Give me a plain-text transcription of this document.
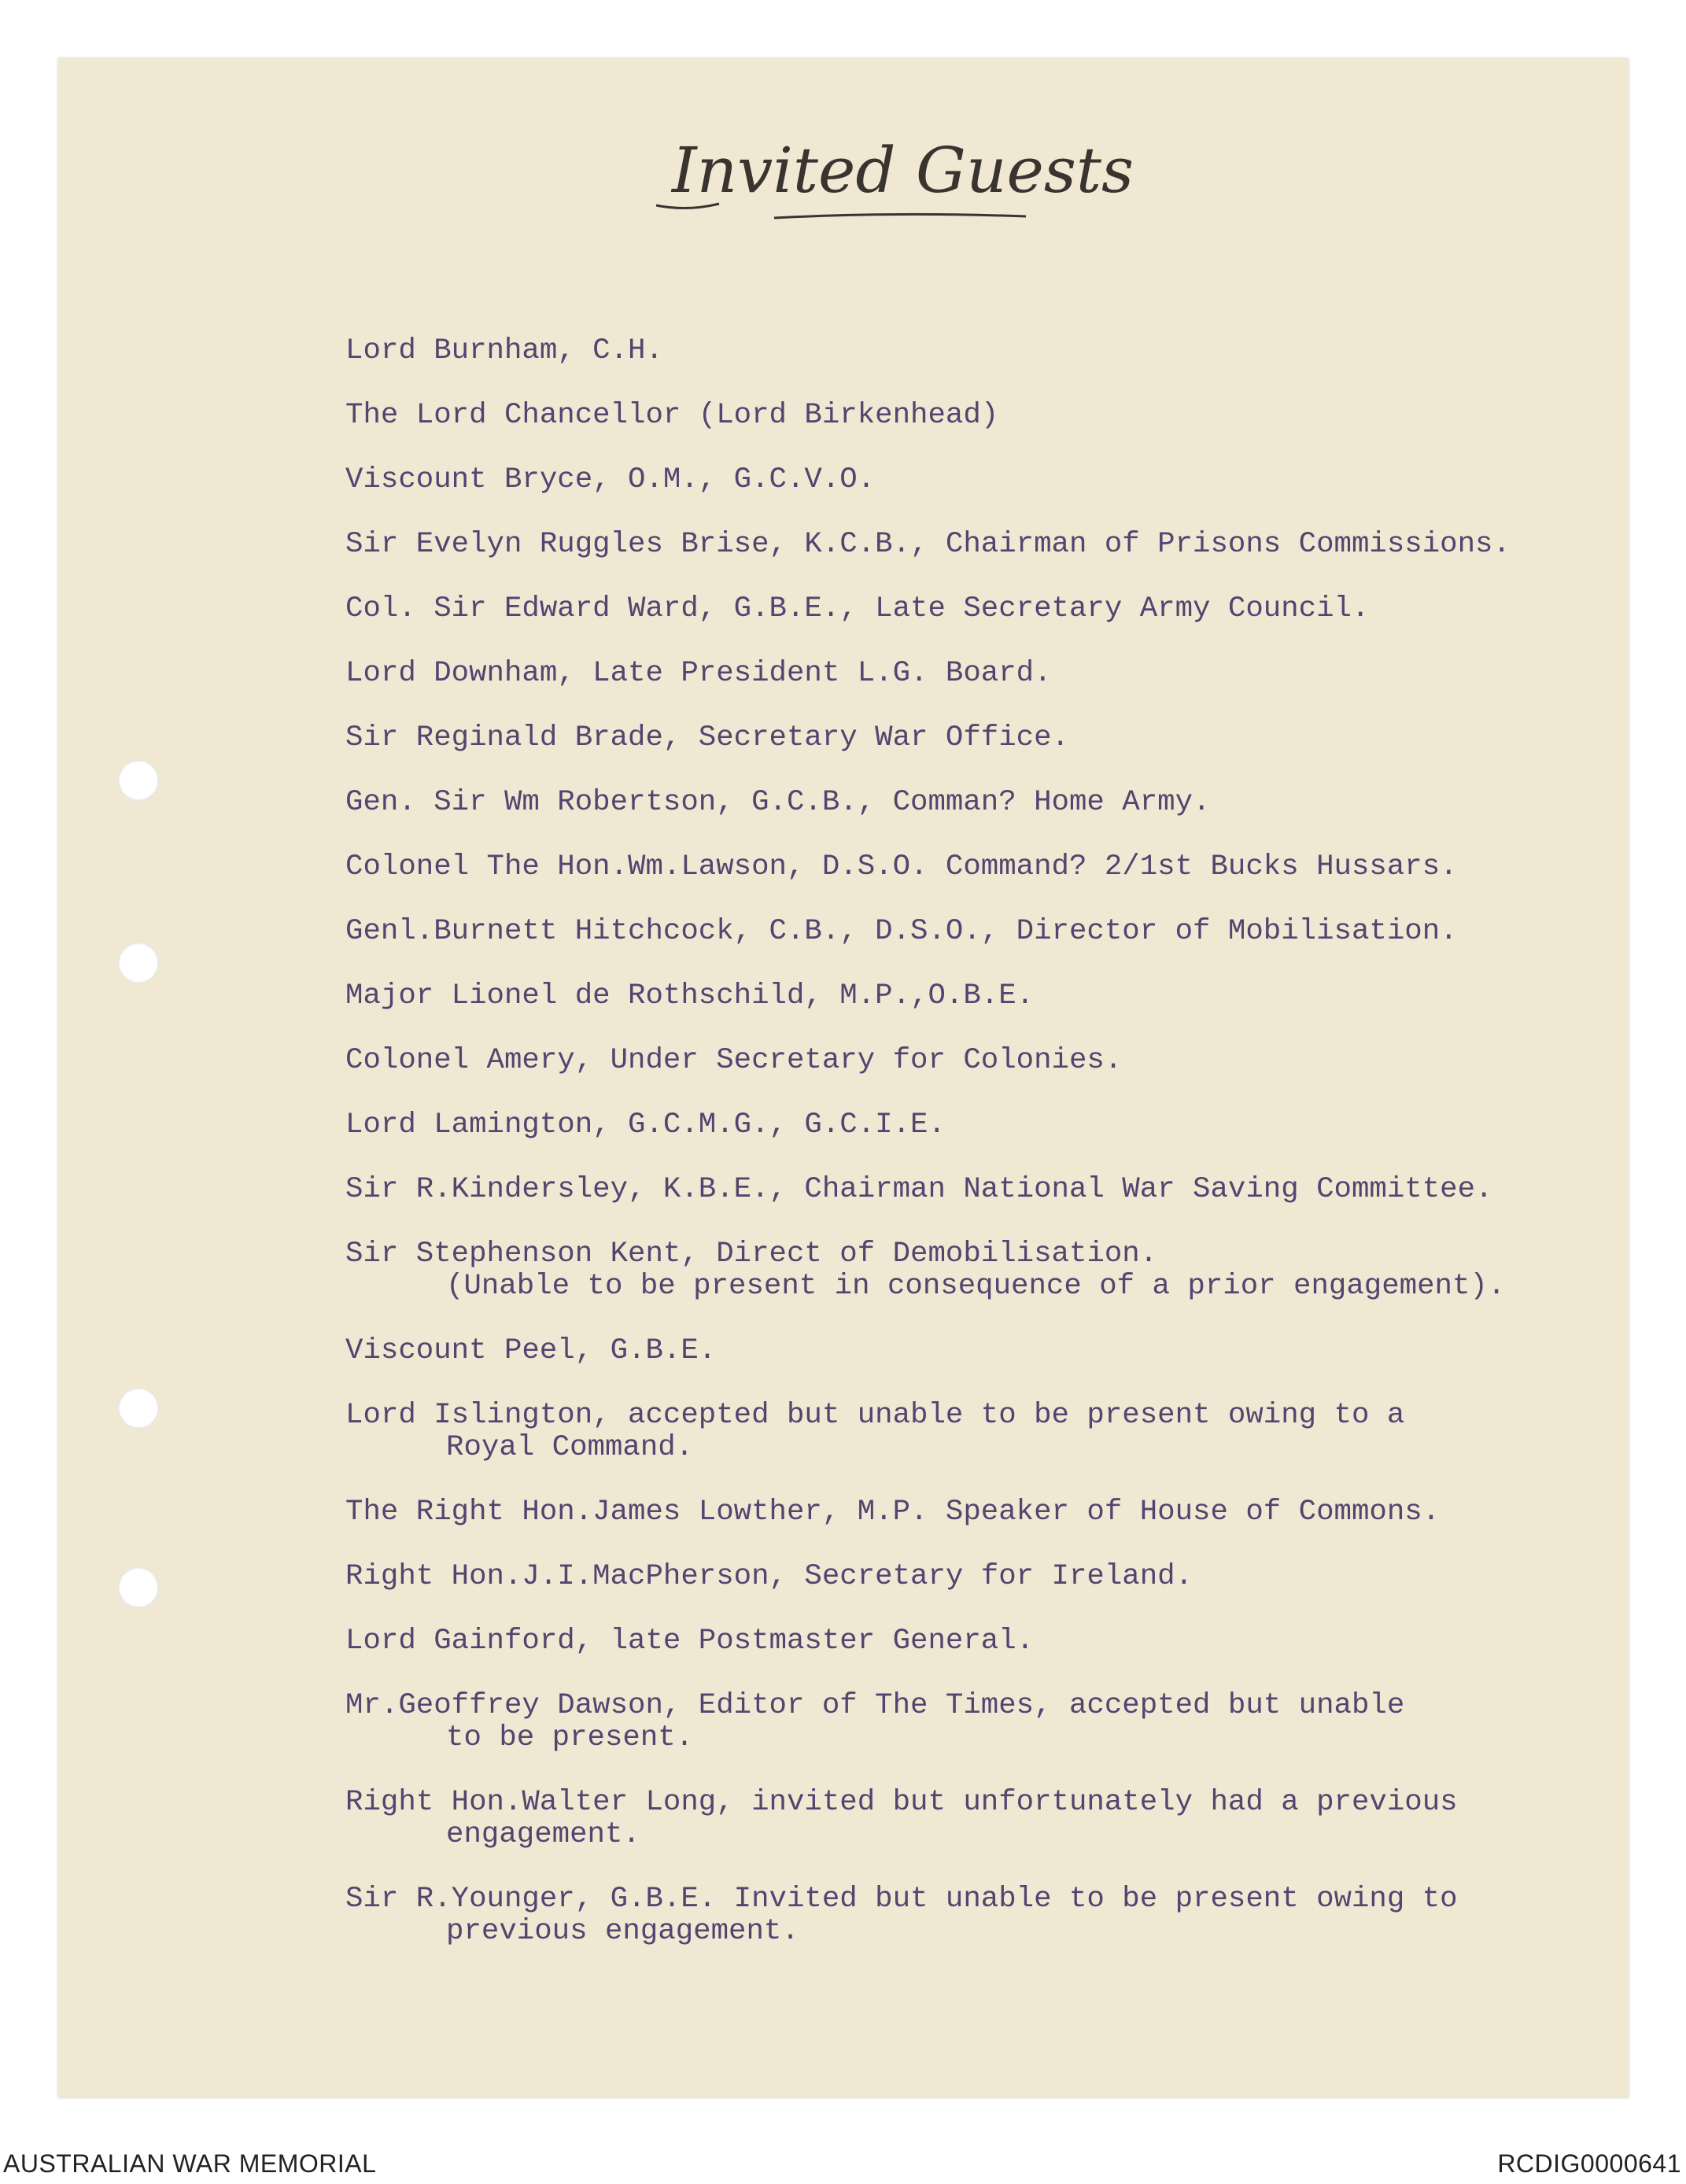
Invited Guests
Lord Burnham, C.H.
The Lord Chancellor (Lord Birkenhead)
Viscount Bryce, O.M., G.C.V.O.
Sir Evelyn Ruggles Brise, K.C.B., Chairman of Prisons Commissions.
Col. Sir Edward Ward, G.B.E., Late Secretary Army Council.
Lord Downham, Late President L.G. Board.
Sir Reginald Brade, Secretary War Office.
Gen. Sir Wm Robertson, G.C.B., Comman? Home Army.
Colonel The Hon.Wm.Lawson, D.S.O. Command? 2/1st Bucks Hussars.
Genl.Burnett Hitchcock, C.B., D.S.O., Director of Mobilisation.
Major Lionel de Rothschild, M.P.,O.B.E.
Colonel Amery, Under Secretary for Colonies.
Lord Lamington, G.C.M.G., G.C.I.E.
Sir R.Kindersley, K.B.E., Chairman National War Saving Committee.
Sir Stephenson Kent, Direct of Demobilisation.
(Unable to be present in consequence of a prior engagement).
Viscount Peel, G.B.E.
Lord Islington, accepted but unable to be present owing to a
Royal Command.
The Right Hon.James Lowther, M.P. Speaker of House of Commons.
Right Hon.J.I.MacPherson, Secretary for Ireland.
Lord Gainford, late Postmaster General.
Mr.Geoffrey Dawson, Editor of The Times, accepted but unable
to be present.
Right Hon.Walter Long, invited but unfortunately had a previous
engagement.
Sir R.Younger, G.B.E. Invited but unable to be present owing to
previous engagement.
AUSTRALIAN WAR MEMORIAL	RCDIG0000641
